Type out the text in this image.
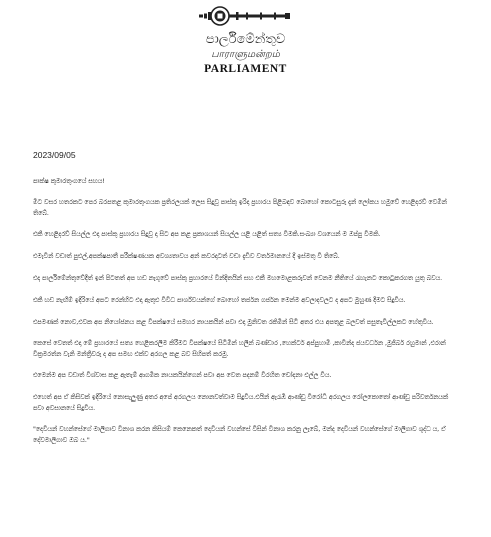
පාර්ලිමේන්තුව
பாராளுமன்றம்
PARLIAMENT
2023/09/05

පාක්ෂ කුමාරතුංගයේ සහය!

මීට වසර හතරකට පෙර බරපතළ කුමාරතුංගයක ප්‍රතිරලයක් ලෙස සිදුවූ පාස්කු ඉරිදා ප්‍රහාරය පිළිබඳව බොහෝ කොටසුරු දැන් ලෝකය හමුවේ හෙළිදරව් වෙමින් තිබේ.

එකී හෙළිදරව් සියල්ල එදා පාස්කු ප්‍රහාරය සිදුවූ දා සිට අප කළ ප්‍රකාශයන් සියල්ල යළි යළිත් සත්‍ය වීමකි.සංඛ්‍යා වශයෙන් ම ඔප්පු වීමකි.

එමැවින් වඩාත් පුළුල්,අපක්ෂපාතී පරීක්ෂණයක අවශ්‍යතාවය අන් කවරදාටත් වඩා දැඩිව වර්තමානයේ දී ඉස්මතු වී තිබේ.

එදා පාර්ලිමේන්තුවේදීත් ඉන් පිටතත් අප හඩ නැගුවේ පාස්කු ප්‍රහාරයේ වින්දිතයින් සහ එකී මහමොළකරුවන් වෙනම නීතියේ රැහැනට කොටුකරගත යුතු බවය.

එකී හඩ නැඟීම් ඉදිරියේ අපට රෙන්හිට එදා ඇතුළු විවිධ පාර්ශ්වයන්ගේ බොහෝ තර්ජන ගර්ජන මෙන්ම අවලාදවලට ද අපට මුහුණ දීමට සිදුවිය.

එපමණක් නොව,එවක අප නියෝජනය කළ විපක්ෂයේ සමහර නායකයින් පවා එදා මුනිවත රකිමින් සිටි අතර එය අපතුළ බලවත් පසුතැවිල්ලකට හේතුවිය.

කෙසේ වෙතත් එදා මේ ප්‍රහාරයේ සත්‍ය හෙළිකරලීම කිරීමට විපක්ෂයේ සිටිමින් හලින් බණ්ඩාර ,හෙක්ටර් අප්පුහාමි ,කාවින්ද ජයවර්ධන ,මුජිබර් රහුමාන් ,එරාන් වික්‍රමරත්න වැනි මන්ත්‍රීවරු ද අප සමඟ එක්ව අරගල කළ බව සිහිපත් කරමු.

එමෙන්ම අප වඩාත් විශ්වාස කළ ඇතැම් ආගමික නායකයින්ගෙන් පවා අප වෙත පදනම් විරහිත චෝදනා එල්ල විය.

එහෙත් අප ඒ කිසිවක් ඉදිරියේ නොසැලුණු අතර අපේ අරගලය නොනවත්වාම සිදුවිය.එයින් ඇරැඹි ආණ්ඩු විරෝධී අරගලය රෝලකොතෝ ආණ්ඩු පරිවර්තනයක් පවා අවසානයේ සිදුවිය.

"දෙවියන් වහන්සේගේ මාලිගාව විනාශ කරන කිසියම් කෙනෙකත් දෙවියන් වහන්සේ විසින් විනාශ කරනු ලැබේ, මන්ද දෙවියන් වහන්සේගේ මාලිගාව ශුද්ධ ය, ඒ දේවමාලිගාව ඔබ ය."
